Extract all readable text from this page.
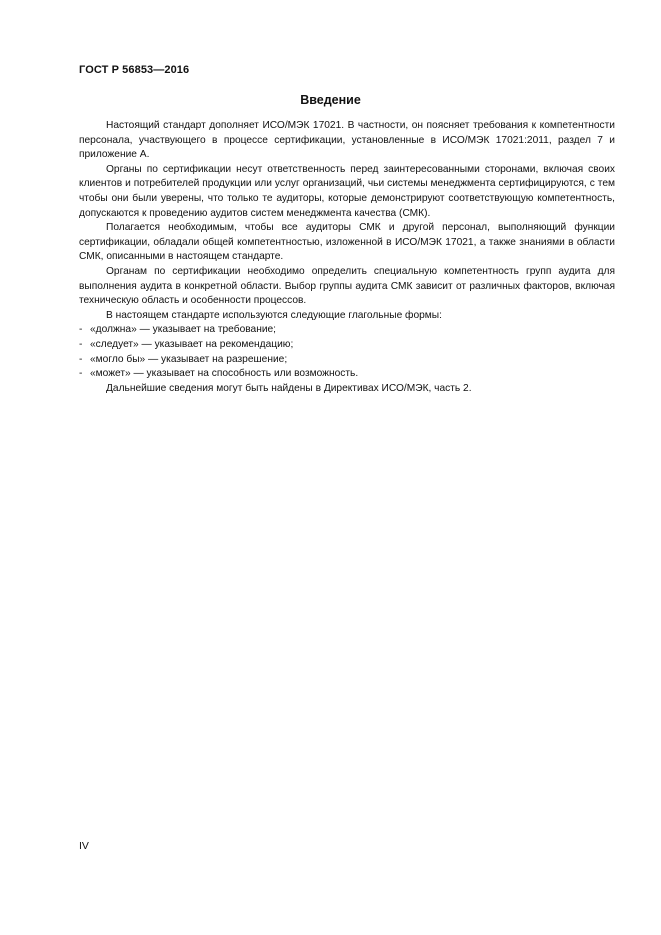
ГОСТ Р 56853—2016
Введение

Настоящий стандарт дополняет ИСО/МЭК 17021. В частности, он поясняет требования к компетентности персонала, участвующего в процессе сертификации, установленные в ИСО/МЭК 17021:2011, раздел 7 и приложение А.

Органы по сертификации несут ответственность перед заинтересованными сторонами, включая своих клиентов и потребителей продукции или услуг организаций, чьи системы менеджмента сертифицируются, с тем чтобы они были уверены, что только те аудиторы, которые демонстрируют соответствующую компетентность, допускаются к проведению аудитов систем менеджмента качества (СМК).

Полагается необходимым, чтобы все аудиторы СМК и другой персонал, выполняющий функции сертификации, обладали общей компетентностью, изложенной в ИСО/МЭК 17021, а также знаниями в области СМК, описанными в настоящем стандарте.

Органам по сертификации необходимо определить специальную компетентность групп аудита для выполнения аудита в конкретной области. Выбор группы аудита СМК зависит от различных факторов, включая техническую область и особенности процессов.

В настоящем стандарте используются следующие глагольные формы:

- «должна» — указывает на требование;
- «следует» — указывает на рекомендацию;
- «могло бы» — указывает на разрешение;
- «может» — указывает на способность или возможность.

Дальнейшие сведения могут быть найдены в Директивах ИСО/МЭК, часть 2.

IV
